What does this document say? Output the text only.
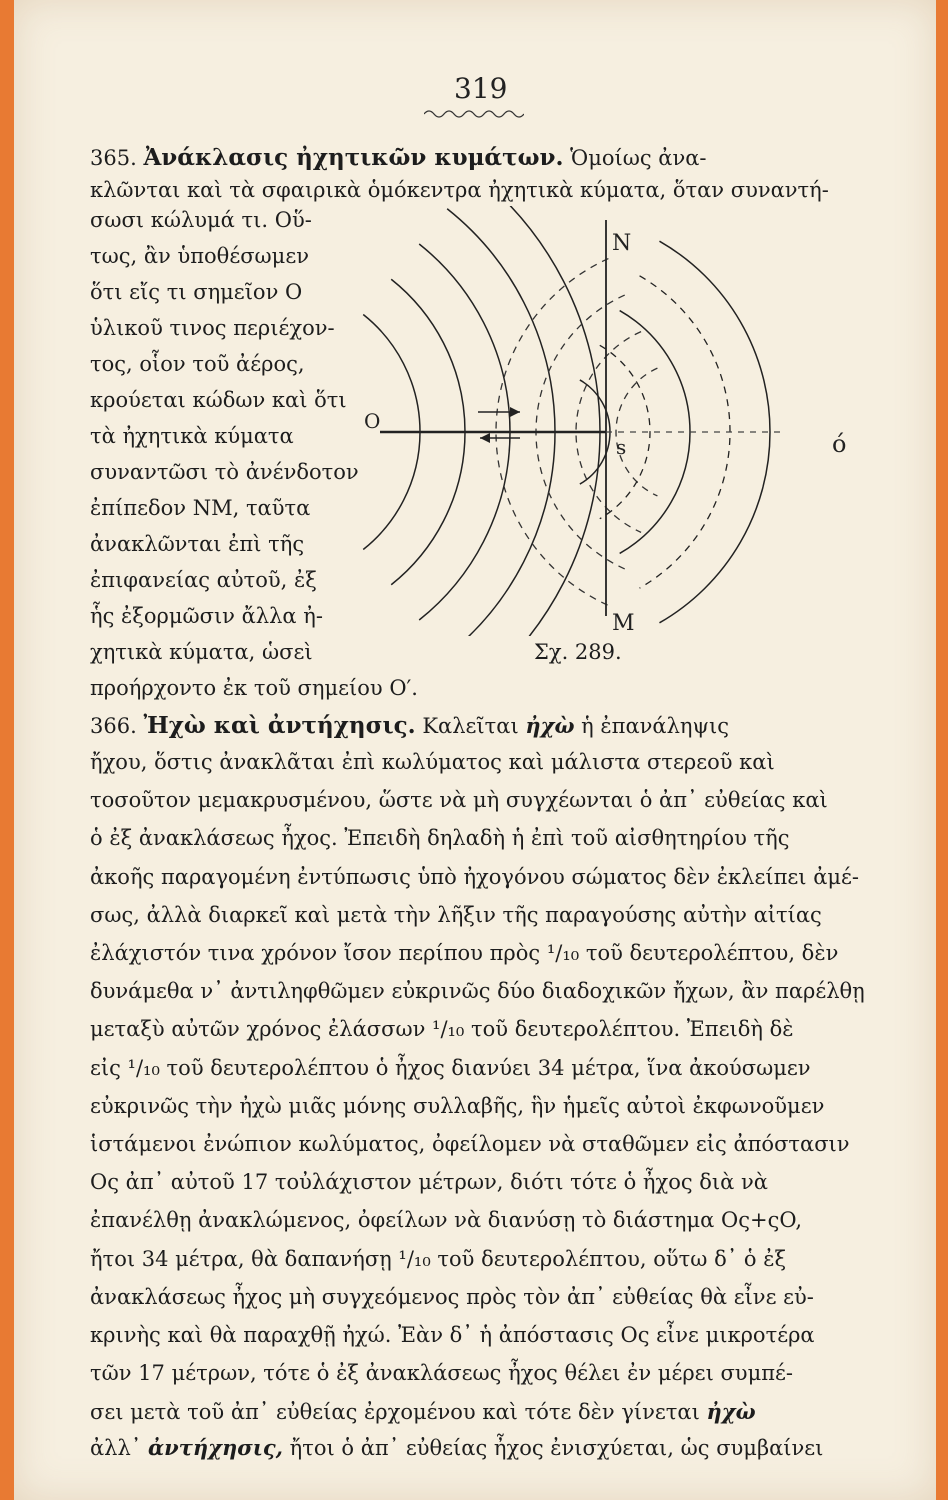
319
365. Ἀνάκλασις ἠχητικῶν κυμάτων. Ὁμοίως ἀνα-
κλῶνται καὶ τὰ σφαιρικὰ ὁμόκεντρα ἠχητικὰ κύματα, ὅταν συναντή-
σωσι κώλυμά τι. Οὕ-
τως, ἂν ὑποθέσωμεν
ὅτι εἴς τι σημεῖον O
ὑλικοῦ τινος περιέχον-
τος, οἷον τοῦ ἀέρος,
κρούεται κώδων καὶ ὅτι
τὰ ἠχητικὰ κύματα
συναντῶσι τὸ ἀνένδοτον
ἐπίπεδον NM, ταῦτα
ἀνακλῶνται ἐπὶ τῆς
ἐπιφανείας αὐτοῦ, ἐξ
ἧς ἐξορμῶσιν ἄλλα ἠ-
χητικὰ κύματα, ὡσεὶ
προήρχοντο ἐκ τοῦ σημείου O′.
N
M
O
ό
s
Σχ. 289.
366. Ἠχὼ καὶ ἀντήχησις. Καλεῖται ἠχὼ ἡ ἐπανάληψις
ἤχου, ὅστις ἀνακλᾶται ἐπὶ κωλύματος καὶ μάλιστα στερεοῦ καὶ
τοσοῦτον μεμακρυσμένου, ὥστε νὰ μὴ συγχέωνται ὁ ἀπ᾿ εὐθείας καὶ
ὁ ἐξ ἀνακλάσεως ἦχος. Ἐπειδὴ δηλαδὴ ἡ ἐπὶ τοῦ αἰσθητηρίου τῆς
ἀκοῆς παραγομένη ἐντύπωσις ὑπὸ ἠχογόνου σώματος δὲν ἐκλείπει ἀμέ-
σως, ἀλλὰ διαρκεῖ καὶ μετὰ τὴν λῆξιν τῆς παραγούσης αὐτὴν αἰτίας
ἐλάχιστόν τινα χρόνον ἴσον περίπου πρὸς ¹/₁₀ τοῦ δευτερολέπτου, δὲν
δυνάμεθα ν᾿ ἀντιληφθῶμεν εὐκρινῶς δύο διαδοχικῶν ἤχων, ἂν παρέλθῃ
μεταξὺ αὐτῶν χρόνος ἐλάσσων ¹/₁₀ τοῦ δευτερολέπτου. Ἐπειδὴ δὲ
εἰς ¹/₁₀ τοῦ δευτερολέπτου ὁ ἦχος διανύει 34 μέτρα, ἵνα ἀκούσωμεν
εὐκρινῶς τὴν ἠχὼ μιᾶς μόνης συλλαβῆς, ἣν ἡμεῖς αὐτοὶ ἐκφωνοῦμεν
ἱστάμενοι ἐνώπιον κωλύματος, ὀφείλομεν νὰ σταθῶμεν εἰς ἀπόστασιν
Oς ἀπ᾿ αὐτοῦ 17 τοὐλάχιστον μέτρων, διότι τότε ὁ ἦχος διὰ νὰ
ἐπανέλθῃ ἀνακλώμενος, ὀφείλων νὰ διανύσῃ τὸ διάστημα Oς+ςO,
ἤτοι 34 μέτρα, θὰ δαπανήσῃ ¹/₁₀ τοῦ δευτερολέπτου, οὕτω δ᾿ ὁ ἐξ
ἀνακλάσεως ἦχος μὴ συγχεόμενος πρὸς τὸν ἀπ᾿ εὐθείας θὰ εἶνε εὐ-
κρινὴς καὶ θὰ παραχθῇ ἠχώ. Ἐὰν δ᾿ ἡ ἀπόστασις Oς εἶνε μικροτέρα
τῶν 17 μέτρων, τότε ὁ ἐξ ἀνακλάσεως ἦχος θέλει ἐν μέρει συμπέ-
σει μετὰ τοῦ ἀπ᾿ εὐθείας ἐρχομένου καὶ τότε δὲν γίνεται ἠχὼ
ἀλλ᾿ ἀντήχησις, ἤτοι ὁ ἀπ᾿ εὐθείας ἦχος ἐνισχύεται, ὡς συμβαίνει
